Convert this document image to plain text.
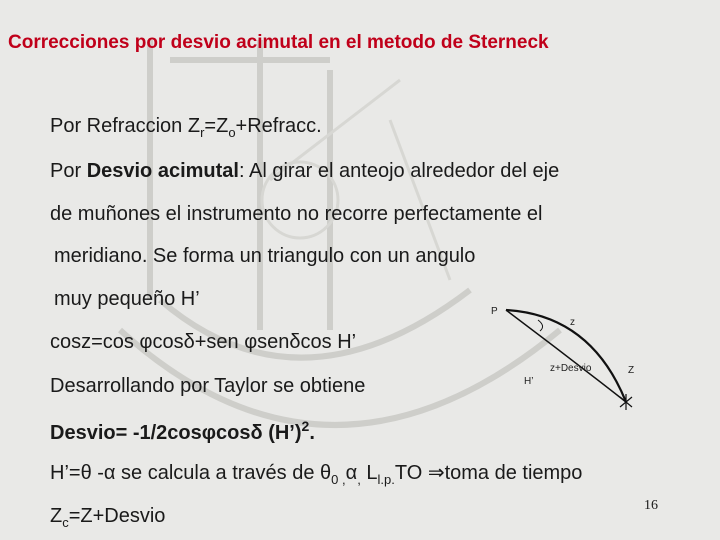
Correcciones por desvio acimutal en el metodo de Sterneck
Por Refraccion $Z_r=Z_o+Refracc$.
Por Desvio acimutal: Al girar el anteojo alrededor del eje
de muñones el instrumento no recorre perfectamente el
meridiano. Se forma un triangulo con un angulo
muy pequeño H’
cosz=cos φcosδ+sen φsenδcos H’
Desarrollando por Taylor se obtiene
Desvio= -1/2cosφcosδ (H’)$^2$.
H’=θ -α se calcula a través de $\theta_{0 ,}\alpha_,$ $L_{l.p.}TO$ ⇒toma de tiempo
$Z_c=Z+Desvio$
P
z
z+Desvio	Z
H’
16
